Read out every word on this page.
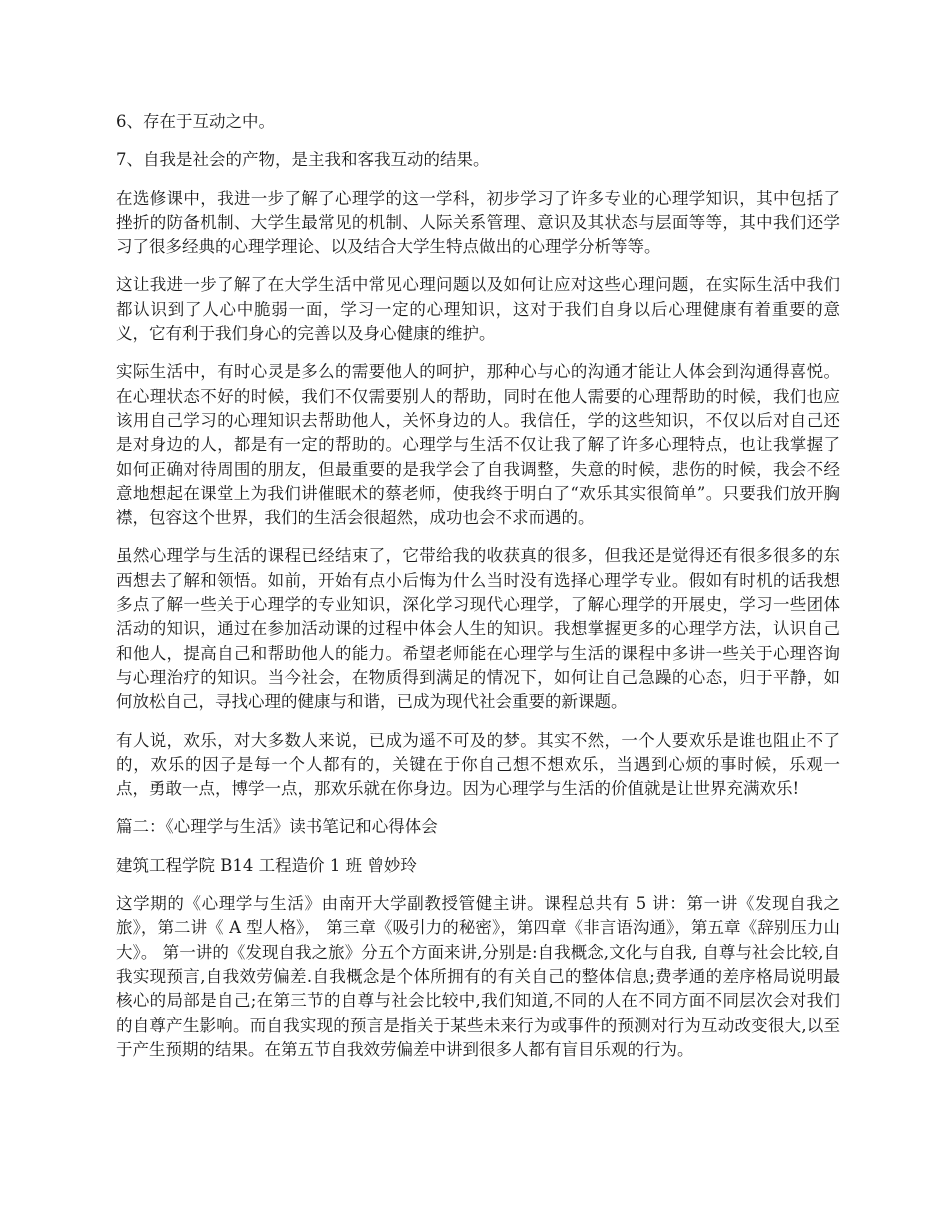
6、存在于互动之中。

7、自我是社会的产物，是主我和客我互动的结果。

在选修课中，我进一步了解了心理学的这一学科，初步学习了许多专业的心理学知识，其中包括了挫折的防备机制、大学生最常见的机制、人际关系管理、意识及其状态与层面等等，其中我们还学习了很多经典的心理学理论、以及结合大学生特点做出的心理学分析等等。

这让我进一步了解了在大学生活中常见心理问题以及如何让应对这些心理问题，在实际生活中我们都认识到了人心中脆弱一面，学习一定的心理知识，这对于我们自身以后心理健康有着重要的意义，它有利于我们身心的完善以及身心健康的维护。

实际生活中，有时心灵是多么的需要他人的呵护，那种心与心的沟通才能让人体会到沟通得喜悦。在心理状态不好的时候，我们不仅需要别人的帮助，同时在他人需要的心理帮助的时候，我们也应该用自己学习的心理知识去帮助他人，关怀身边的人。我信任，学的这些知识，不仅以后对自己还是对身边的人，都是有一定的帮助的。心理学与生活不仅让我了解了许多心理特点，也让我掌握了如何正确对待周围的朋友，但最重要的是我学会了自我调整，失意的时候，悲伤的时候，我会不经意地想起在课堂上为我们讲催眠术的蔡老师，使我终于明白了“欢乐其实很简单”。只要我们放开胸襟，包容这个世界，我们的生活会很超然，成功也会不求而遇的。

虽然心理学与生活的课程已经结束了，它带给我的收获真的很多，但我还是觉得还有很多很多的东西想去了解和领悟。如前，开始有点小后悔为什么当时没有选择心理学专业。假如有时机的话我想多点了解一些关于心理学的专业知识，深化学习现代心理学，了解心理学的开展史，学习一些团体活动的知识，通过在参加活动课的过程中体会人生的知识。我想掌握更多的心理学方法，认识自己和他人，提高自己和帮助他人的能力。希望老师能在心理学与生活的课程中多讲一些关于心理咨询与心理治疗的知识。当今社会，在物质得到满足的情况下，如何让自己急躁的心态，归于平静，如何放松自己，寻找心理的健康与和谐，已成为现代社会重要的新课题。

有人说，欢乐，对大多数人来说，已成为遥不可及的梦。其实不然，一个人要欢乐是谁也阻止不了的，欢乐的因子是每一个人都有的，关键在于你自己想不想欢乐，当遇到心烦的事时候，乐观一点，勇敢一点，博学一点，那欢乐就在你身边。因为心理学与生活的价值就是让世界充满欢乐!

篇二：《心理学与生活》读书笔记和心得体会

建筑工程学院 B14 工程造价 1 班 曾妙玲

这学期的《心理学与生活》由南开大学副教授管健主讲。课程总共有 5 讲：第一讲《发现自我之旅》，第二讲《 A 型人格》， 第三章《吸引力的秘密》，第四章《非言语沟通》，第五章《辞别压力山大》。 第一讲的《发现自我之旅》分五个方面来讲,分别是:自我概念,文化与自我, 自尊与社会比较,自我实现预言,自我效劳偏差.自我概念是个体所拥有的有关自己的整体信息;费孝通的差序格局说明最核心的局部是自己;在第三节的自尊与社会比较中,我们知道,不同的人在不同方面不同层次会对我们的自尊产生影响。而自我实现的预言是指关于某些未来行为或事件的预测对行为互动改变很大,以至于产生预期的结果。在第五节自我效劳偏差中讲到很多人都有盲目乐观的行为。
